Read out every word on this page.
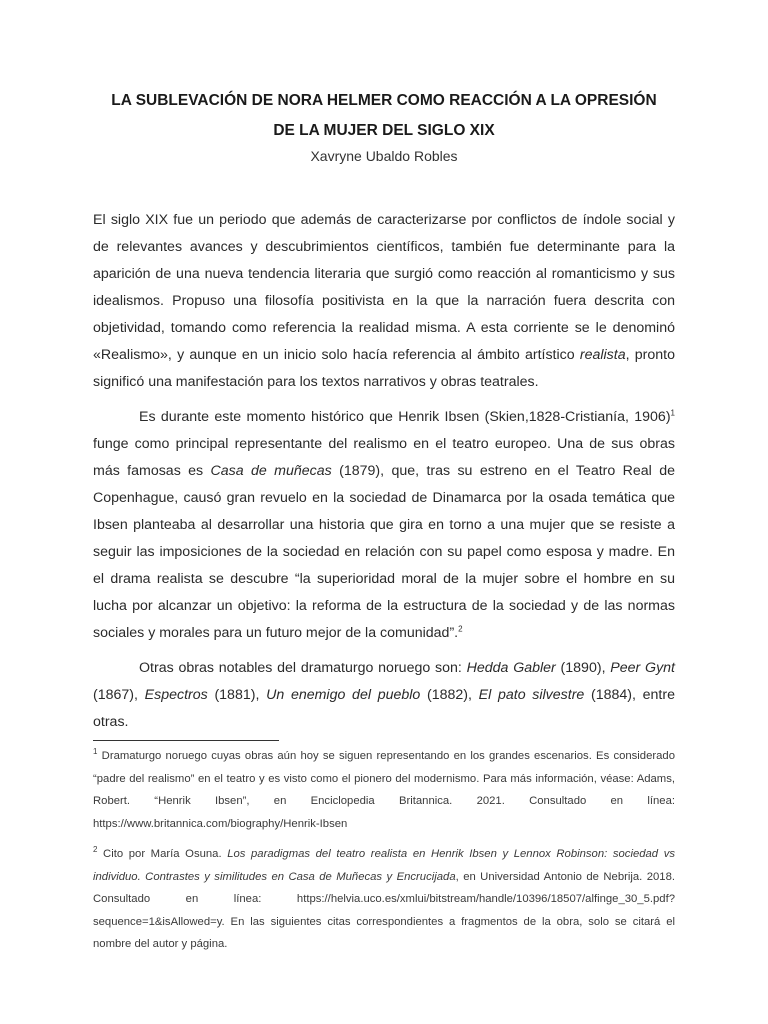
LA SUBLEVACIÓN DE NORA HELMER COMO REACCIÓN A LA OPRESIÓN
DE LA MUJER DEL SIGLO XIX
Xavryne Ubaldo Robles

El siglo XIX fue un periodo que además de caracterizarse por conflictos de índole social y de relevantes avances y descubrimientos científicos, también fue determinante para la aparición de una nueva tendencia literaria que surgió como reacción al romanticismo y sus idealismos. Propuso una filosofía positivista en la que la narración fuera descrita con objetividad, tomando como referencia la realidad misma. A esta corriente se le denominó «Realismo», y aunque en un inicio solo hacía referencia al ámbito artístico realista, pronto significó una manifestación para los textos narrativos y obras teatrales.

Es durante este momento histórico que Henrik Ibsen (Skien,1828-Cristianía, 1906)$^1$ funge como principal representante del realismo en el teatro europeo. Una de sus obras más famosas es Casa de muñecas (1879), que, tras su estreno en el Teatro Real de Copenhague, causó gran revuelo en la sociedad de Dinamarca por la osada temática que Ibsen planteaba al desarrollar una historia que gira en torno a una mujer que se resiste a seguir las imposiciones de la sociedad en relación con su papel como esposa y madre. En el drama realista se descubre “la superioridad moral de la mujer sobre el hombre en su lucha por alcanzar un objetivo: la reforma de la estructura de la sociedad y de las normas sociales y morales para un futuro mejor de la comunidad”.$^2$

Otras obras notables del dramaturgo noruego son: Hedda Gabler (1890), Peer Gynt (1867), Espectros (1881), Un enemigo del pueblo (1882), El pato silvestre (1884), entre otras.

$^1$ Dramaturgo noruego cuyas obras aún hoy se siguen representando en los grandes escenarios. Es considerado “padre del realismo” en el teatro y es visto como el pionero del modernismo. Para más información, véase: Adams, Robert. “Henrik Ibsen”, en Enciclopedia Britannica. 2021. Consultado en línea: https://www.britannica.com/biography/Henrik-Ibsen

$^2$ Cito por María Osuna. Los paradigmas del teatro realista en Henrik Ibsen y Lennox Robinson: sociedad vs individuo. Contrastes y similitudes en Casa de Muñecas y Encrucijada, en Universidad Antonio de Nebrija. 2018. Consultado en línea: https://helvia.uco.es/xmlui/bitstream/handle/10396/18507/alfinge_30_5.pdf?sequence=1&isAllowed=y. En las siguientes citas correspondientes a fragmentos de la obra, solo se citará el nombre del autor y página.
